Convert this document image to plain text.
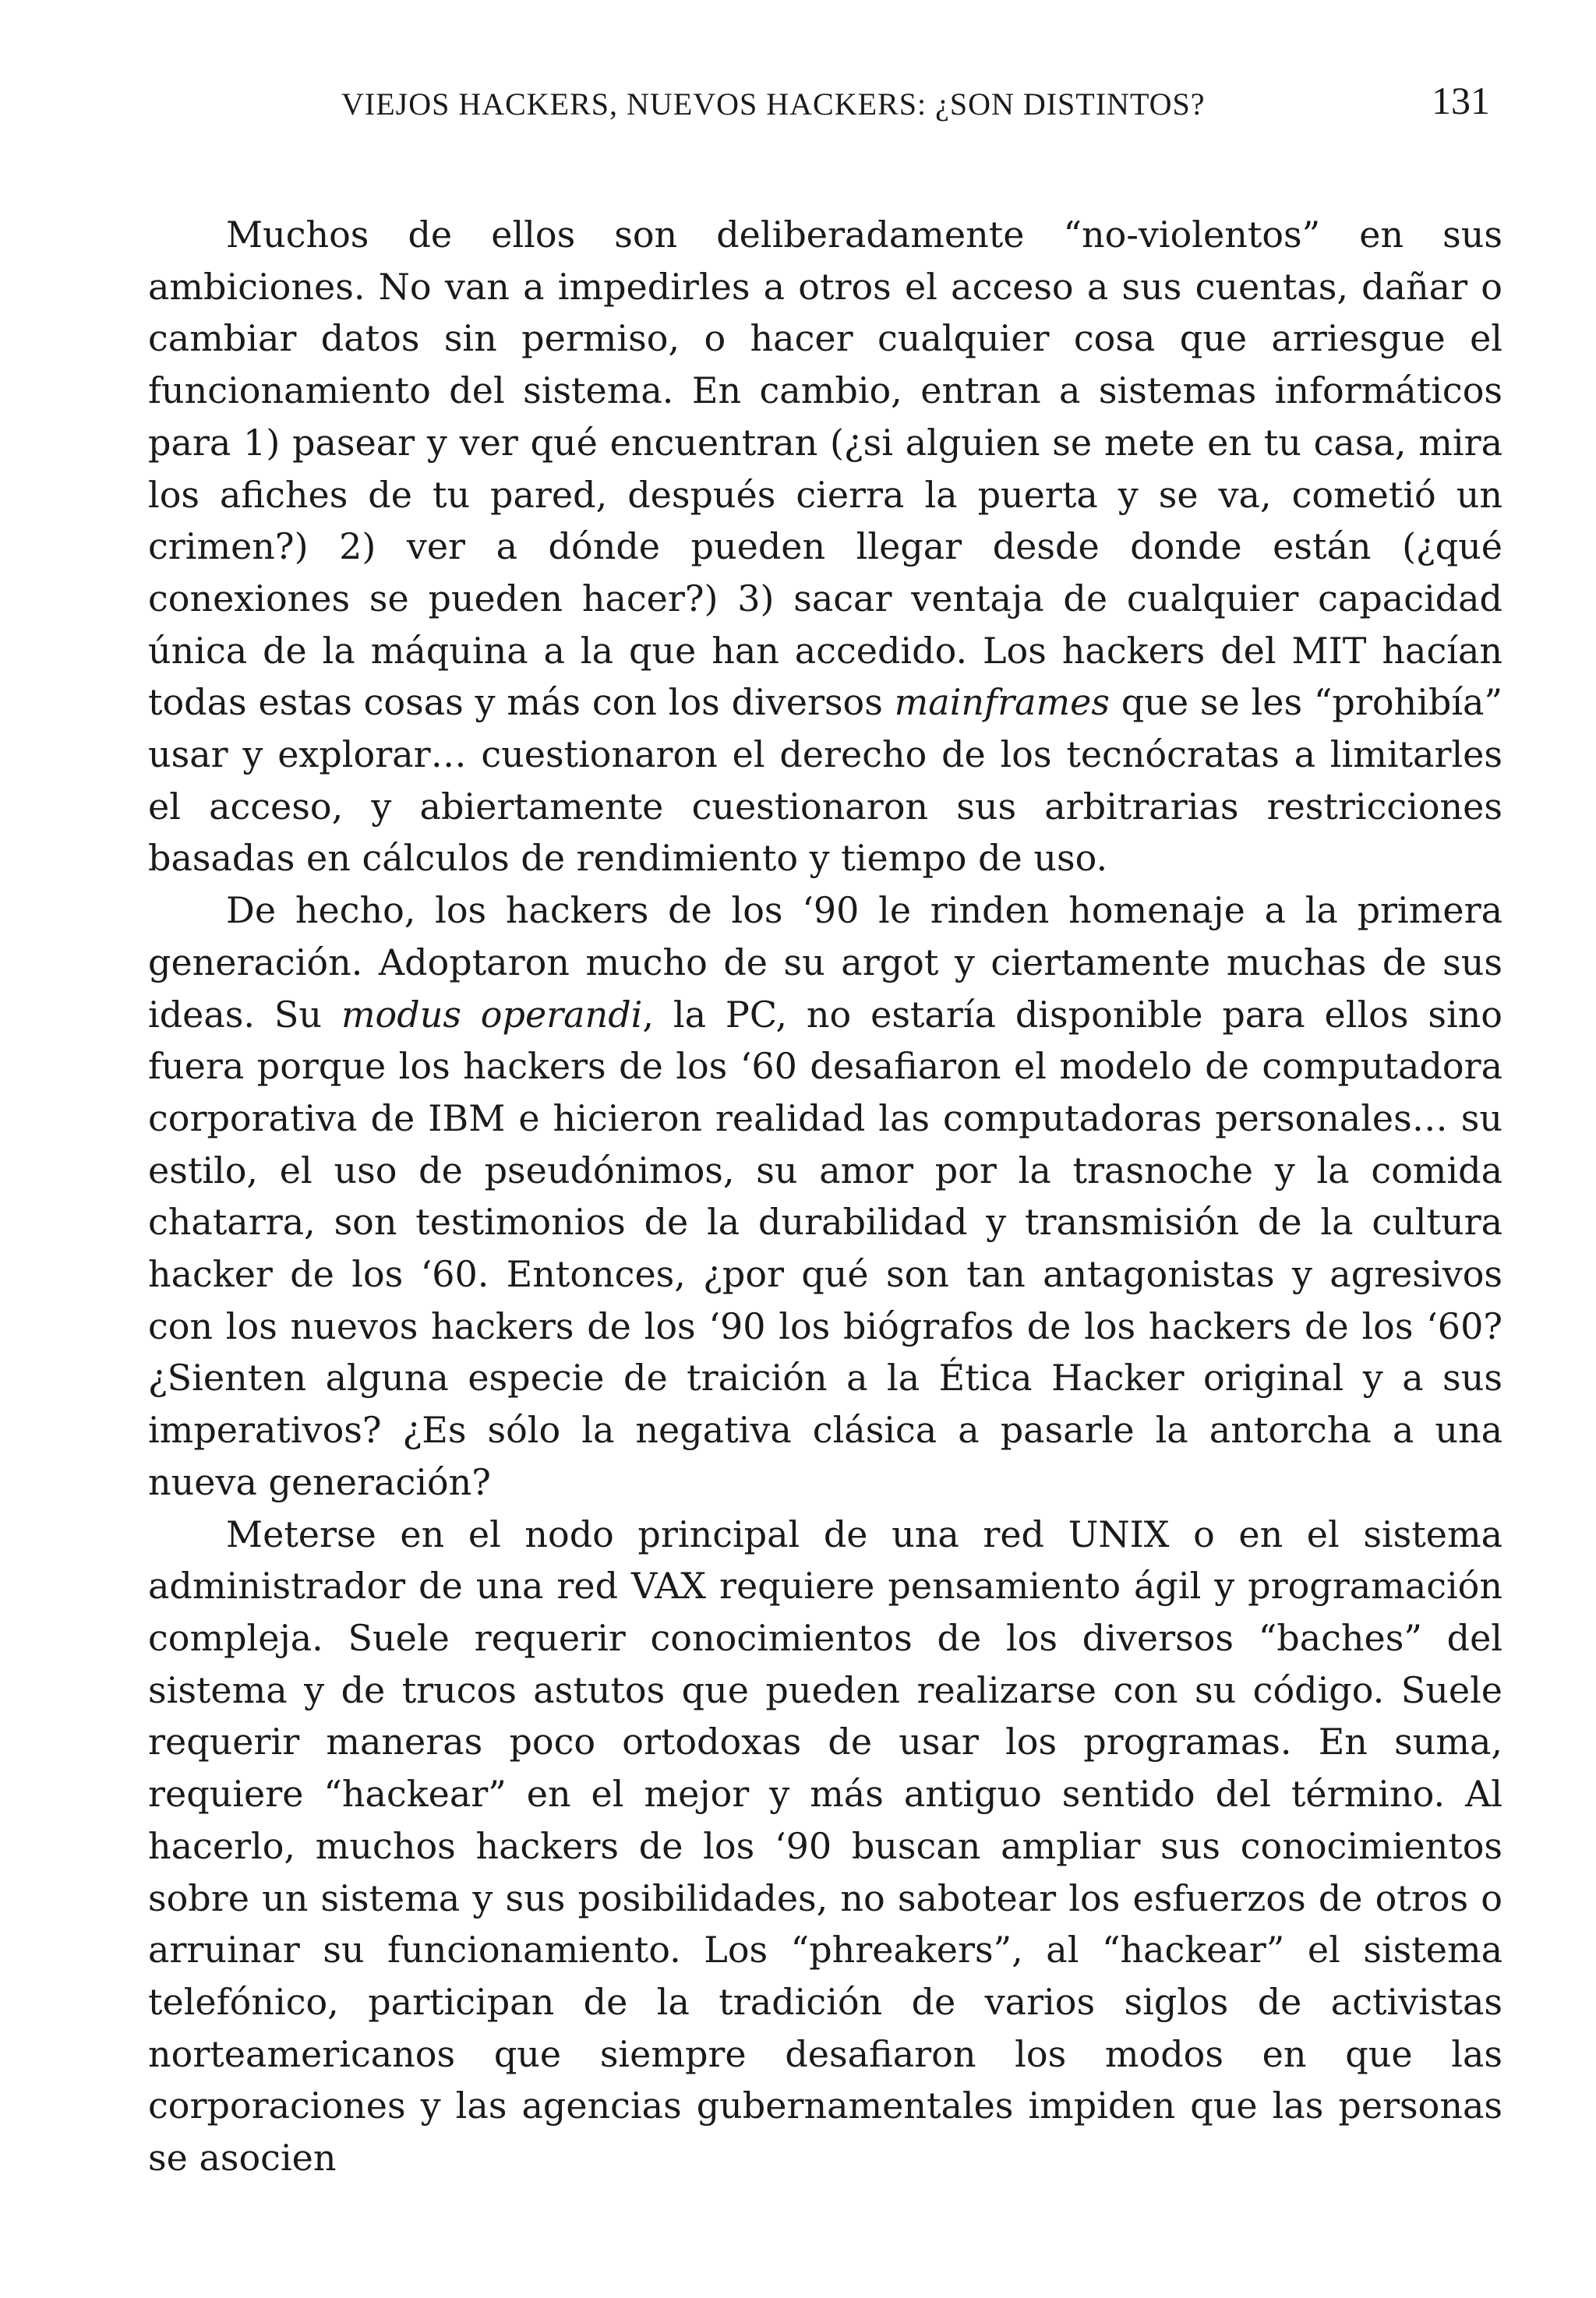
VIEJOS HACKERS, NUEVOS HACKERS: ¿SON DISTINTOS?	131

Muchos de ellos son deliberadamente “no-violentos” en sus ambiciones. No van a impedirles a otros el acceso a sus cuentas, dañar o cambiar datos sin permiso, o hacer cualquier cosa que arriesgue el funcionamiento del sistema. En cambio, entran a sistemas informáticos para 1) pasear y ver qué encuentran (¿si alguien se mete en tu casa, mira los afiches de tu pared, después cierra la puerta y se va, cometió un crimen?) 2) ver a dónde pueden llegar desde donde están (¿qué conexiones se pueden hacer?) 3) sacar ventaja de cualquier capacidad única de la máquina a la que han accedido. Los hackers del MIT hacían todas estas cosas y más con los diversos mainframes que se les “prohibía” usar y explorar… cuestionaron el derecho de los tecnócratas a limitarles el acceso, y abiertamente cuestionaron sus arbitrarias restricciones basadas en cálculos de rendimiento y tiempo de uso.

De hecho, los hackers de los ‘90 le rinden homenaje a la primera generación. Adoptaron mucho de su argot y ciertamente muchas de sus ideas. Su modus operandi, la PC, no estaría disponible para ellos sino fuera porque los hackers de los ‘60 desafiaron el modelo de computadora corporativa de IBM e hicieron realidad las computadoras personales… su estilo, el uso de pseudónimos, su amor por la trasnoche y la comida chatarra, son testimonios de la durabilidad y transmisión de la cultura hacker de los ‘60. Entonces, ¿por qué son tan antagonistas y agresivos con los nuevos hackers de los ‘90 los biógrafos de los hackers de los ‘60? ¿Sienten alguna especie de traición a la Ética Hacker original y a sus imperativos? ¿Es sólo la negativa clásica a pasarle la antorcha a una nueva generación?

Meterse en el nodo principal de una red UNIX o en el sistema administrador de una red VAX requiere pensamiento ágil y programación compleja. Suele requerir conocimientos de los diversos “baches” del sistema y de trucos astutos que pueden realizarse con su código. Suele requerir maneras poco ortodoxas de usar los programas. En suma, requiere “hackear” en el mejor y más antiguo sentido del término. Al hacerlo, muchos hackers de los ‘90 buscan ampliar sus conocimientos sobre un sistema y sus posibilidades, no sabotear los esfuerzos de otros o arruinar su funcionamiento. Los “phreakers”, al “hackear” el sistema telefónico, participan de la tradición de varios siglos de activistas norteamericanos que siempre desafiaron los modos en que las corporaciones y las agencias gubernamentales impiden que las personas se asocien
